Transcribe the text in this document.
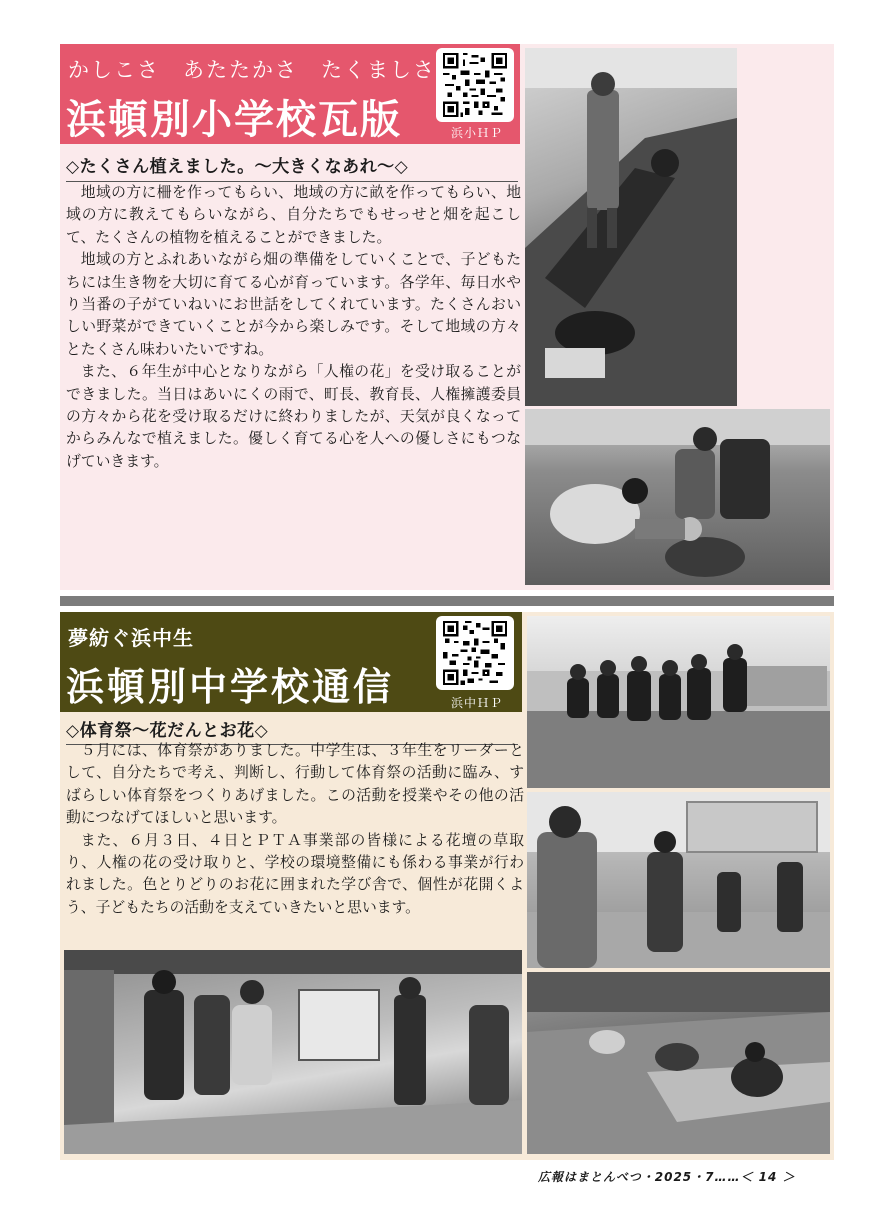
かしこさ　あたたかさ　たくましさ
浜頓別小学校瓦版	浜小ＨＰ
◇たくさん植えました。～大きくなあれ～◇

地域の方に柵を作ってもらい、地域の方に畝を作ってもらい、地域の方に教えてもらいながら、自分たちでもせっせと畑を起こして、たくさんの植物を植えることができました。

地域の方とふれあいながら畑の準備をしていくことで、子どもたちには生き物を大切に育てる心が育っています。各学年、毎日水やり当番の子がていねいにお世話をしてくれています。たくさんおいしい野菜ができていくことが今から楽しみです。そして地域の方々とたくさん味わいたいですね。

また、６年生が中心となりながら「人権の花」を受け取ることができました。当日はあいにくの雨で、町長、教育長、人権擁護委員の方々から花を受け取るだけに終わりましたが、天気が良くなってからみんなで植えました。優しく育てる心を人への優しさにもつなげていきます。

夢紡ぐ浜中生
浜頓別中学校通信	浜中ＨＰ
◇体育祭～花だんとお花◇

５月には、体育祭がありました。中学生は、３年生をリーダーとして、自分たちで考え、判断し、行動して体育祭の活動に臨み、すばらしい体育祭をつくりあげました。この活動を授業やその他の活動につなげてほしいと思います。

また、６月３日、４日とＰＴＡ事業部の皆様による花壇の草取り、人権の花の受け取りと、学校の環境整備にも係わる事業が行われました。色とりどりのお花に囲まれた学び舎で、個性が花開くよう、子どもたちの活動を支えていきたいと思います。

広報はまとんべつ・2025・7……＜ 14 ＞
